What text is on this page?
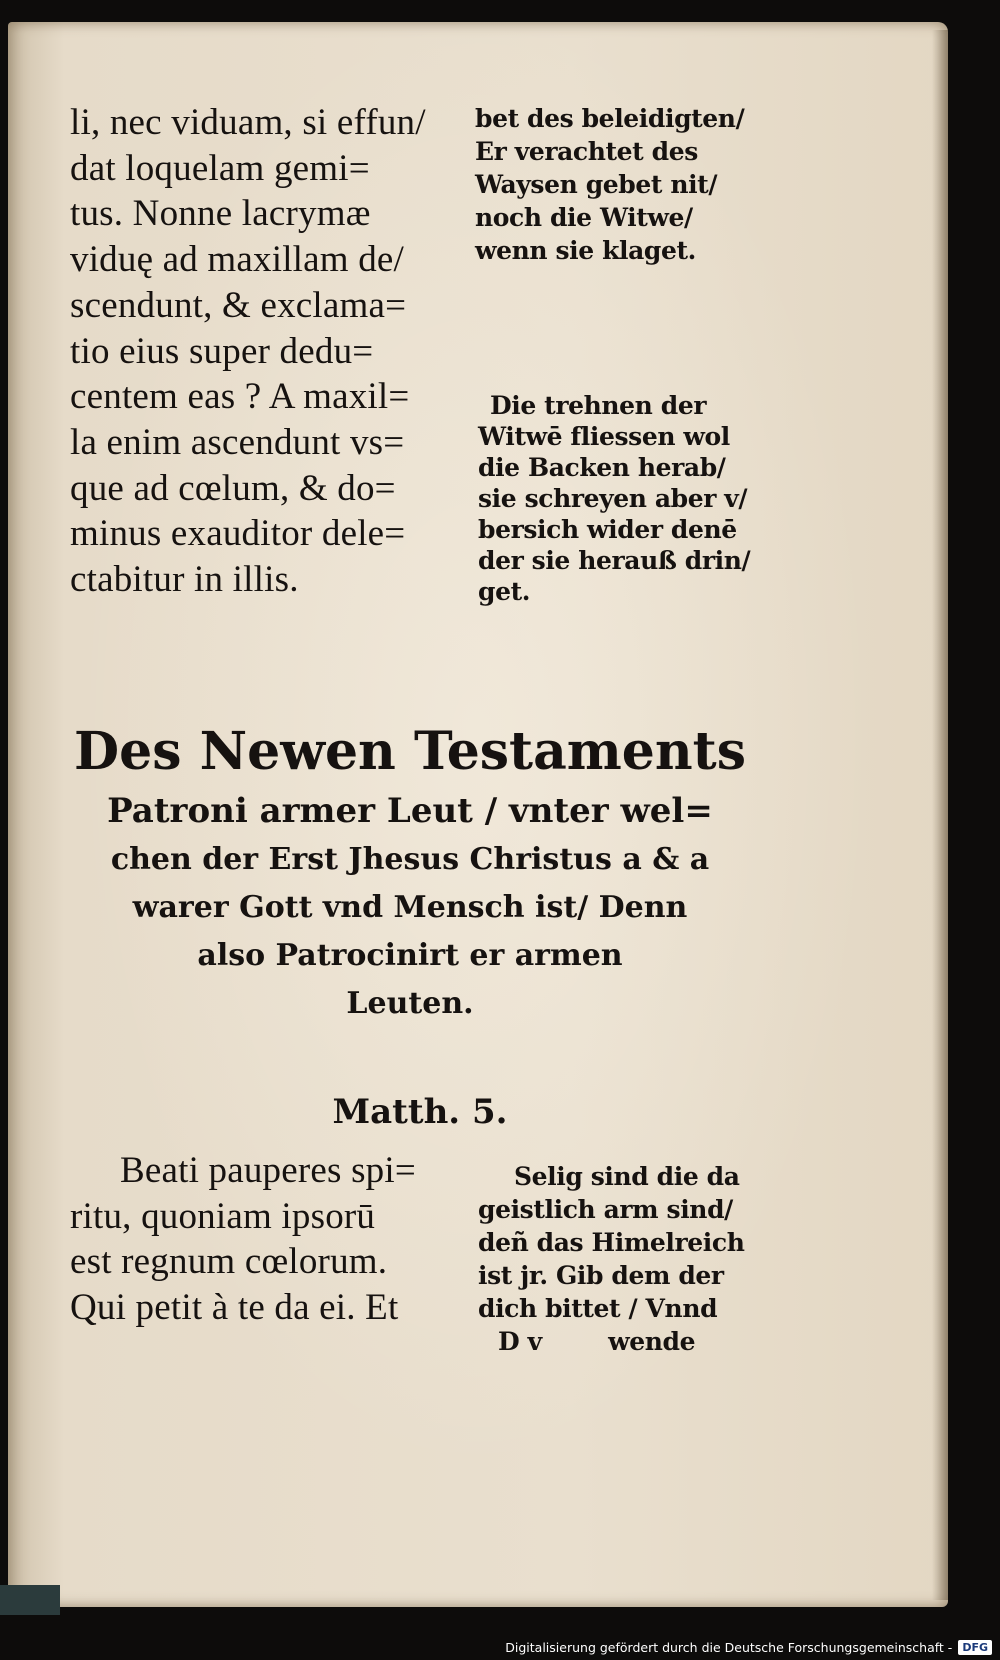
li, nec viduam, si effun/
dat loquelam gemi=
tus. Nonne lacrymæ
viduę ad maxillam de/
scendunt, & exclama=
tio eius super dedu=
centem eas ? A maxil=
la enim ascendunt vs=
que ad cœlum, & do=
minus exauditor dele=
ctabitur in illis.
bet des beleidigten/
Er verachtet des
Waysen gebet nit/
noch die Witwe/
wenn sie klaget.
Die trehnen der
Witwē fliessen wol
die Backen herab/
sie schreyen aber v/
bersich wider denē
der sie herauß drin/
get.
Des Newen Testaments
Patroni armer Leut / vnter wel=
chen der Erst Jhesus Christus a & a
warer Gott vnd Mensch ist/ Denn
also Patrocinirt er armen
Leuten.
Matth. 5.
Beati pauperes spi=
ritu, quoniam ipsorū
est regnum cœlorum.
Qui petit à te da ei. Et
Selig sind die da
geistlich arm sind/
deñ das Himelreich
ist jr. Gib dem der
dich bittet / Vnnd
D v        wende
Digitalisierung gefördert durch die Deutsche Forschungsgemeinschaft - DFG
